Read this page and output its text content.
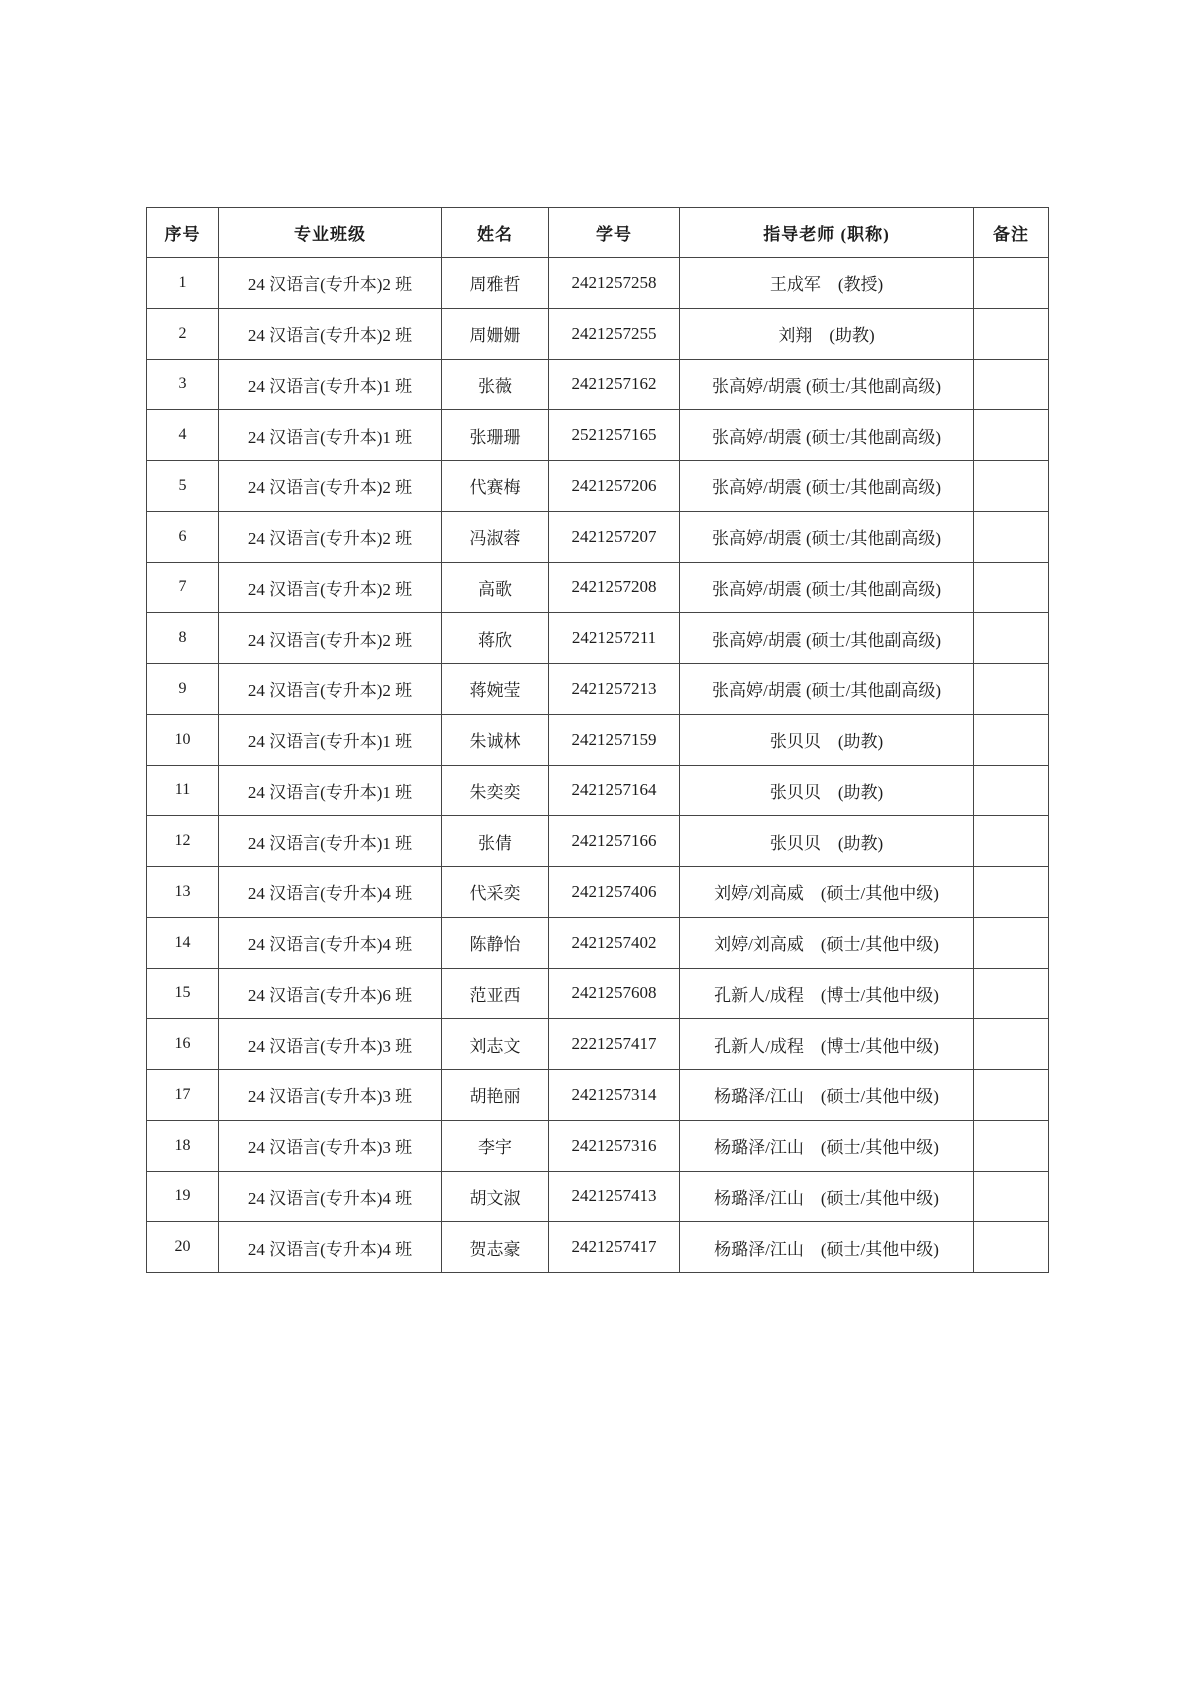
序号	专业班级	姓名	学号	指导老师 (职称)	备注
1	24 汉语言(专升本)2 班	周雅哲	2421257258	王成军　(教授)	
2	24 汉语言(专升本)2 班	周姗姗	2421257255	刘翔　(助教)	
3	24 汉语言(专升本)1 班	张薇	2421257162	张高婷/胡震 (硕士/其他副高级)	
4	24 汉语言(专升本)1 班	张珊珊	2521257165	张高婷/胡震 (硕士/其他副高级)	
5	24 汉语言(专升本)2 班	代赛梅	2421257206	张高婷/胡震 (硕士/其他副高级)	
6	24 汉语言(专升本)2 班	冯淑蓉	2421257207	张高婷/胡震 (硕士/其他副高级)	
7	24 汉语言(专升本)2 班	高歌	2421257208	张高婷/胡震 (硕士/其他副高级)	
8	24 汉语言(专升本)2 班	蒋欣	2421257211	张高婷/胡震 (硕士/其他副高级)	
9	24 汉语言(专升本)2 班	蒋婉莹	2421257213	张高婷/胡震 (硕士/其他副高级)	
10	24 汉语言(专升本)1 班	朱诚林	2421257159	张贝贝　(助教)	
11	24 汉语言(专升本)1 班	朱奕奕	2421257164	张贝贝　(助教)	
12	24 汉语言(专升本)1 班	张倩	2421257166	张贝贝　(助教)	
13	24 汉语言(专升本)4 班	代采奕	2421257406	刘婷/刘高威　(硕士/其他中级)	
14	24 汉语言(专升本)4 班	陈静怡	2421257402	刘婷/刘高威　(硕士/其他中级)	
15	24 汉语言(专升本)6 班	范亚西	2421257608	孔新人/成程　(博士/其他中级)	
16	24 汉语言(专升本)3 班	刘志文	2221257417	孔新人/成程　(博士/其他中级)	
17	24 汉语言(专升本)3 班	胡艳丽	2421257314	杨璐泽/江山　(硕士/其他中级)	
18	24 汉语言(专升本)3 班	李宇	2421257316	杨璐泽/江山　(硕士/其他中级)	
19	24 汉语言(专升本)4 班	胡文淑	2421257413	杨璐泽/江山　(硕士/其他中级)	
20	24 汉语言(专升本)4 班	贺志豪	2421257417	杨璐泽/江山　(硕士/其他中级)	
